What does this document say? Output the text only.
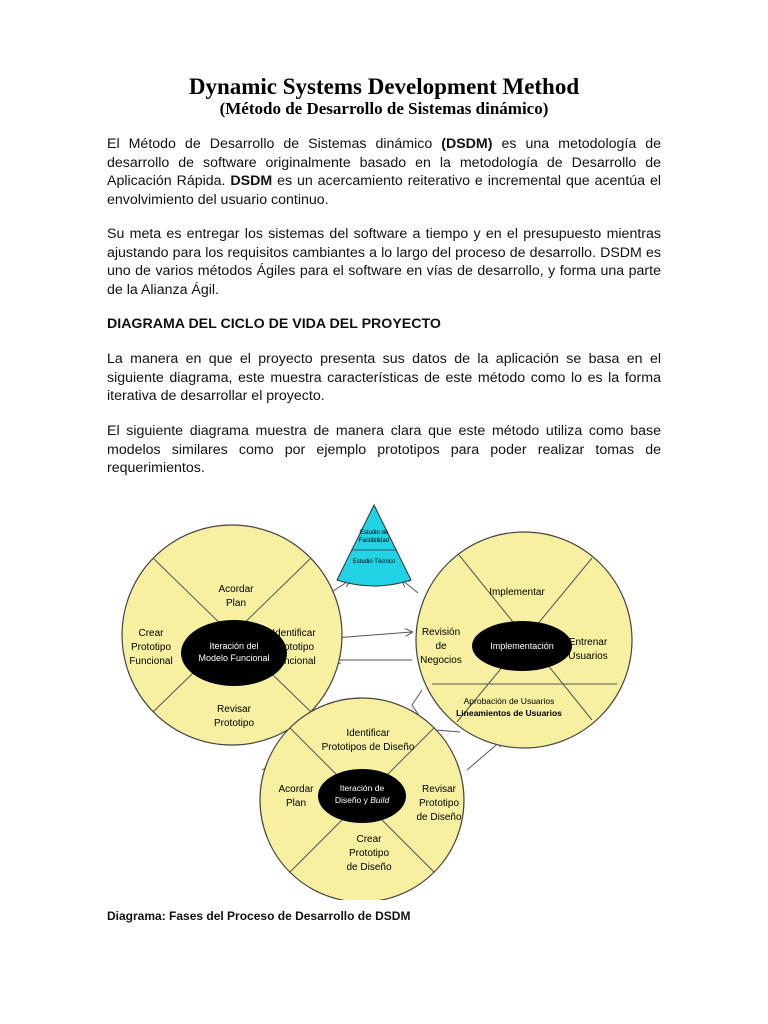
Dynamic Systems Development Method
(Método de Desarrollo de Sistemas dinámico)

El Método de Desarrollo de Sistemas dinámico (DSDM) es una metodología de desarrollo de software originalmente basado en la metodología de Desarrollo de Aplicación Rápida. DSDM es un acercamiento reiterativo e incremental que acentúa el envolvimiento del usuario continuo.

Su meta es entregar los sistemas del software a tiempo y en el presupuesto mientras ajustando para los requisitos cambiantes a lo largo del proceso de desarrollo. DSDM es uno de varios métodos Ágiles para el software en vías de desarrollo, y forma una parte de la Alianza Ágil.

DIAGRAMA DEL CICLO DE VIDA DEL PROYECTO

La manera en que el proyecto presenta sus datos de la aplicación se basa en el siguiente diagrama, este muestra características de este método como lo es la forma iterativa de desarrollar el proyecto.

El siguiente diagrama muestra de manera clara que este método utiliza como base modelos similares como por ejemplo prototipos para poder realizar tomas de requerimientos.

Estudio de
Factibilidad
Estudio Técnico
Iteración del
Modelo Funcional
Acordar
Plan
Crear
Prototipo
Funcional
Identificar
Prototipo
Funcional
Revisar
Prototipo
Implementación
Implementar
Revisión
de
Negocios
Entrenar
Usuarios
Aprobación de Usuarios
Lineamientos de Usuarios
Iteración de
Diseño y Build
Identificar
Prototipos de Diseño
Acordar
Plan
Revisar
Prototipo
de Diseño
Crear
Prototipo
de Diseño
Diagrama: Fases del Proceso de Desarrollo de DSDM
